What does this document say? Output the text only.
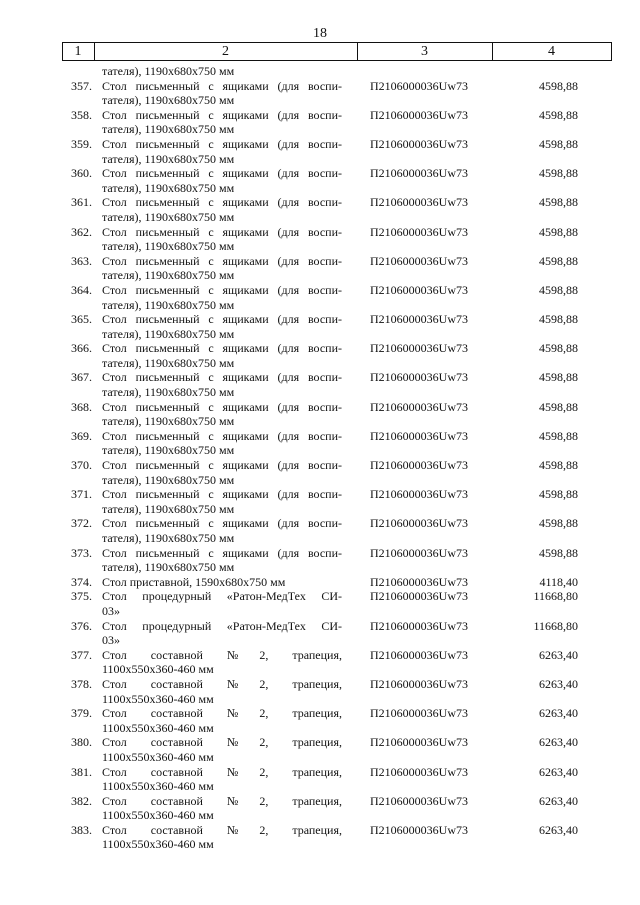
18
1	2	3	4
тателя), 1190x680x750 мм
357. Стол письменный с ящиками (для воспи-
тателя), 1190x680x750 мм
П2106000036Uw73	4598,88
358. Стол письменный с ящиками (для воспи-
тателя), 1190x680x750 мм
П2106000036Uw73	4598,88
359. Стол письменный с ящиками (для воспи-
тателя), 1190x680x750 мм
П2106000036Uw73	4598,88
360. Стол письменный с ящиками (для воспи-
тателя), 1190x680x750 мм
П2106000036Uw73	4598,88
361. Стол письменный с ящиками (для воспи-
тателя), 1190x680x750 мм
П2106000036Uw73	4598,88
362. Стол письменный с ящиками (для воспи-
тателя), 1190x680x750 мм
П2106000036Uw73	4598,88
363. Стол письменный с ящиками (для воспи-
тателя), 1190x680x750 мм
П2106000036Uw73	4598,88
364. Стол письменный с ящиками (для воспи-
тателя), 1190x680x750 мм
П2106000036Uw73	4598,88
365. Стол письменный с ящиками (для воспи-
тателя), 1190x680x750 мм
П2106000036Uw73	4598,88
366. Стол письменный с ящиками (для воспи-
тателя), 1190x680x750 мм
П2106000036Uw73	4598,88
367. Стол письменный с ящиками (для воспи-
тателя), 1190x680x750 мм
П2106000036Uw73	4598,88
368. Стол письменный с ящиками (для воспи-
тателя), 1190x680x750 мм
П2106000036Uw73	4598,88
369. Стол письменный с ящиками (для воспи-
тателя), 1190x680x750 мм
П2106000036Uw73	4598,88
370. Стол письменный с ящиками (для воспи-
тателя), 1190x680x750 мм
П2106000036Uw73	4598,88
371. Стол письменный с ящиками (для воспи-
тателя), 1190x680x750 мм
П2106000036Uw73	4598,88
372. Стол письменный с ящиками (для воспи-
тателя), 1190x680x750 мм
П2106000036Uw73	4598,88
373. Стол письменный с ящиками (для воспи-
тателя), 1190x680x750 мм
П2106000036Uw73	4598,88
374. Стол приставной, 1590x680x750 мм	П2106000036Uw73	4118,40
375. Стол процедурный «Ратон-МедТех СИ-
03»
П2106000036Uw73	11668,80
376. Стол процедурный «Ратон-МедТех СИ-
03»
П2106000036Uw73	11668,80
377. Стол составной №2, трапеция,
1100x550x360-460 мм
П2106000036Uw73	6263,40
378. Стол составной №2, трапеция,
1100x550x360-460 мм
П2106000036Uw73	6263,40
379. Стол составной №2, трапеция,
1100x550x360-460 мм
П2106000036Uw73	6263,40
380. Стол составной №2, трапеция,
1100x550x360-460 мм
П2106000036Uw73	6263,40
381. Стол составной №2, трапеция,
1100x550x360-460 мм
П2106000036Uw73	6263,40
382. Стол составной №2, трапеция,
1100x550x360-460 мм
П2106000036Uw73	6263,40
383. Стол составной №2, трапеция,
1100x550x360-460 мм
П2106000036Uw73	6263,40
